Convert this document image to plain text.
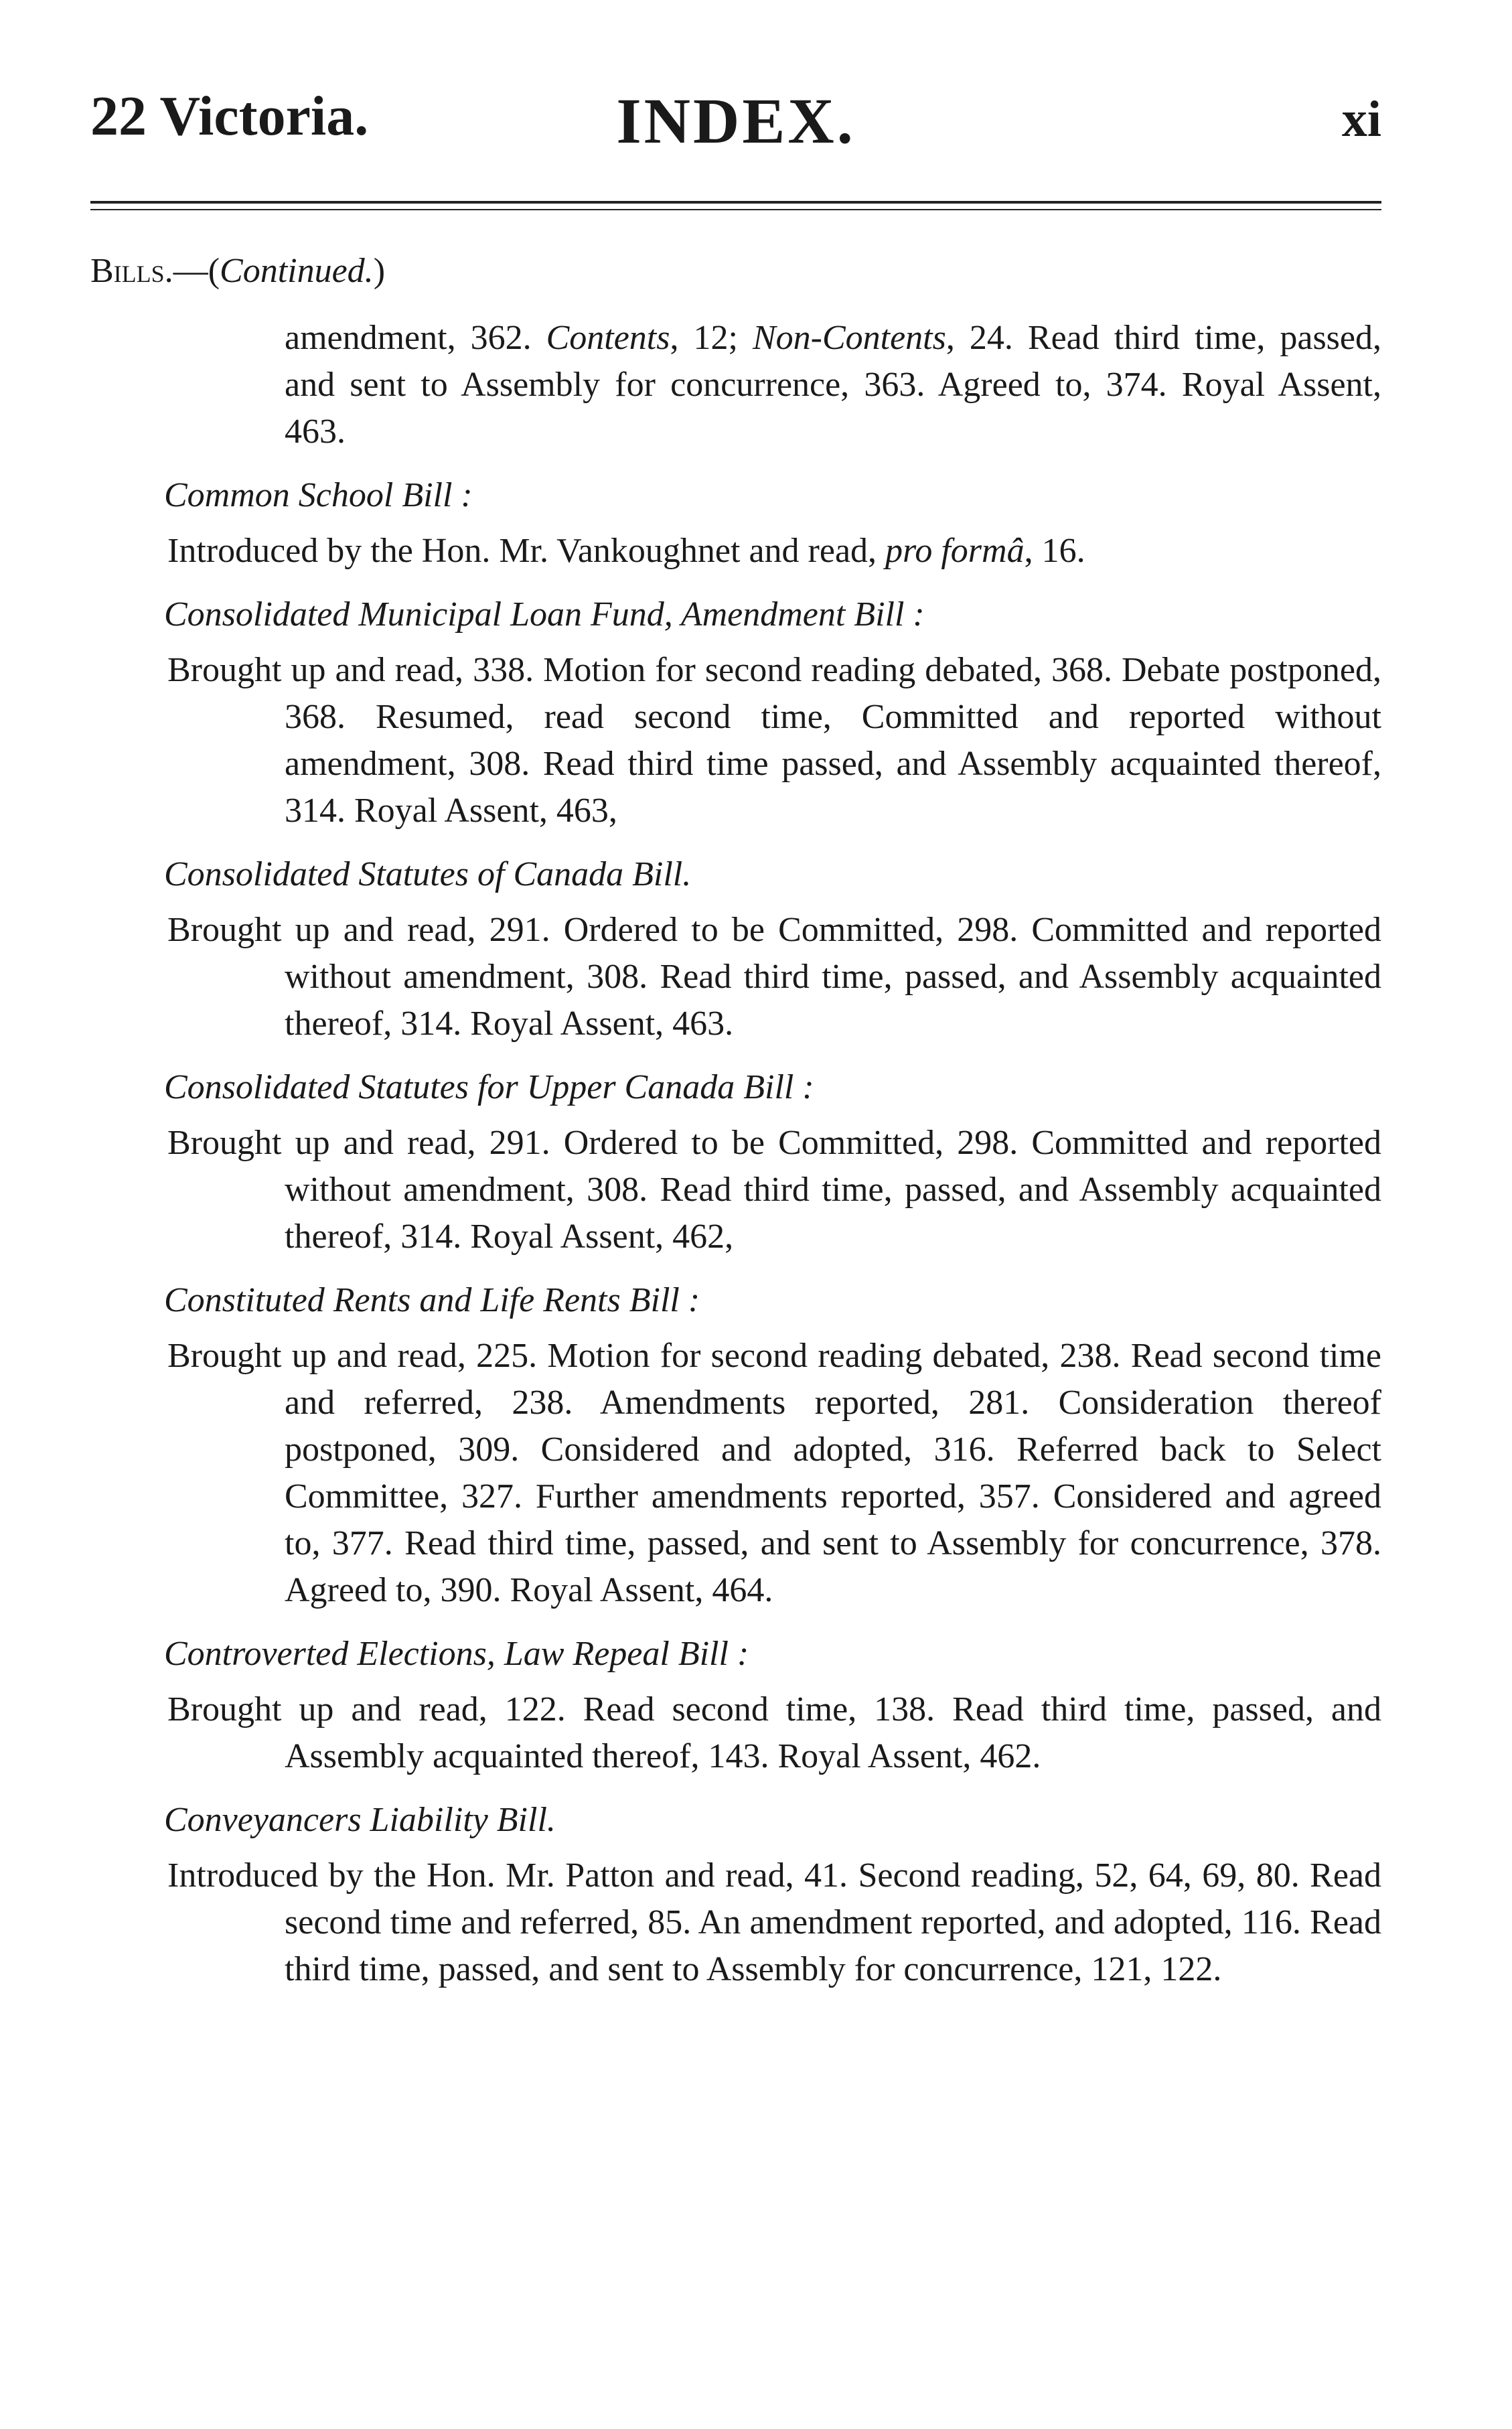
22 Victoria.	INDEX.	xi
Bills.—(Continued.)
amendment, 362. Contents, 12; Non-Contents, 24. Read third time, passed, and sent to Assembly for concurrence, 363. Agreed to, 374. Royal Assent, 463.
Common School Bill :
Introduced by the Hon. Mr. Vankoughnet and read, pro formâ, 16.
Consolidated Municipal Loan Fund, Amendment Bill :
Brought up and read, 338. Motion for second reading debated, 368. Debate postponed, 368. Resumed, read second time, Committed and reported without amendment, 308. Read third time passed, and Assembly acquainted thereof, 314. Royal Assent, 463,
Consolidated Statutes of Canada Bill.
Brought up and read, 291. Ordered to be Committed, 298. Committed and reported without amendment, 308. Read third time, passed, and Assembly acquainted thereof, 314. Royal Assent, 463.
Consolidated Statutes for Upper Canada Bill :
Brought up and read, 291. Ordered to be Committed, 298. Committed and reported without amendment, 308. Read third time, passed, and Assembly acquainted thereof, 314. Royal Assent, 462,
Constituted Rents and Life Rents Bill :
Brought up and read, 225. Motion for second reading debated, 238. Read second time and referred, 238. Amendments reported, 281. Consideration thereof postponed, 309. Considered and adopted, 316. Referred back to Select Committee, 327. Further amendments reported, 357. Considered and agreed to, 377. Read third time, passed, and sent to Assembly for concurrence, 378. Agreed to, 390. Royal Assent, 464.
Controverted Elections, Law Repeal Bill :
Brought up and read, 122. Read second time, 138. Read third time, passed, and Assembly acquainted thereof, 143. Royal Assent, 462.
Conveyancers Liability Bill.
Introduced by the Hon. Mr. Patton and read, 41. Second reading, 52, 64, 69, 80. Read second time and referred, 85. An amendment reported, and adopted, 116. Read third time, passed, and sent to Assembly for concurrence, 121, 122.
